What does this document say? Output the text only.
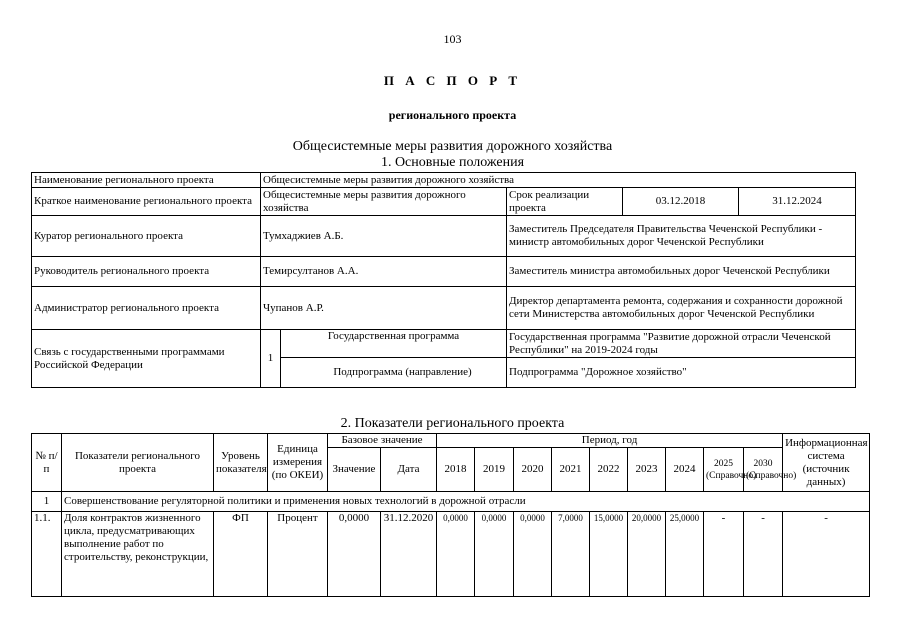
103
П А С П О Р Т
регионального проекта
Общесистемные меры развития дорожного хозяйства
1. Основные положения
Наименование регионального проекта	Общесистемные меры развития дорожного хозяйства				
Краткое наименование регионального проекта	Общесистемные меры развития дорожного хозяйства		Срок реализации проекта	03.12.2018	31.12.2024
Куратор регионального проекта	Тумхаджиев А.Б.		Заместитель Председателя Правительства Чеченской Республики - министр автомобильных дорог Чеченской Республики		
Руководитель регионального проекта	Темирсултанов А.А.		Заместитель министра автомобильных дорог Чеченской Республики		
Администратор регионального проекта	Чупанов А.Р.		Директор департамента ремонта, содержания и сохранности дорожной сети Министерства автомобильных дорог Чеченской Республики		
Связь с государственными программами Российской Федерации	1	Государственная программа	Государственная программа "Развитие дорожной отрасли Чеченской Республики" на 2019-2024 годы		
		Подпрограмма (направление)	Подпрограмма "Дорожное хозяйство"		
2. Показатели регионального проекта
№ п/п	Показатели регионального проекта	Уровень показателя	Единица измерения (по ОКЕИ)	Базовое значение		Период, год									Информационная система (источник данных)
				Значение	Дата	2018	2019	2020	2021	2022	2023	2024	2025 (Справочно)	2030 (Справочно)	
1	Совершенствование регуляторной политики и применения новых технологий в дорожной отрасли														
1.1.	Доля контрактов жизненного цикла, предусматривающих выполнение работ по строительству, реконструкции,	ФП	Процент	0,0000	31.12.2020	0,0000	0,0000	0,0000	7,0000	15,0000	20,0000	25,0000	-	-	-
